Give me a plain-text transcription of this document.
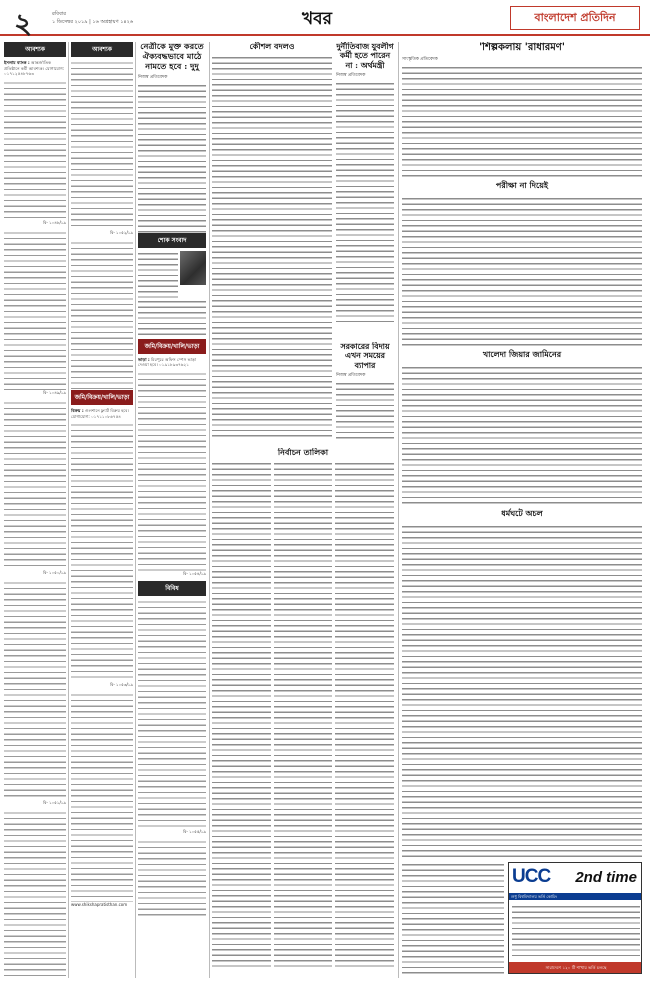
২	রবিবার
১ ডিসেম্বর ২০১৯ | ১৬ অগ্রহায়ণ ১৪২৬	খবর	বাংলাদেশ প্রতিদিন
আবশ্যক
ইসলাম ব্যাংক : আন্তর্জাতিক প্রতিষ্ঠানে কর্মী আবশ্যক। যোগাযোগ: ০১৭১২৫৪৮৭৬৩
বি- ১০৪৮/১৯
বি- ১০৪৯/১৯
বি- ১০৫০/১৯
বি- ১০৫১/১৯
আবশ্যক
বি- ১০৫২/১৯
জমি/বিক্রয়/খালি/ভাড়া
বিক্রয় : গুলশানে ফ্ল্যাট বিক্রয় হবে। যোগাযোগ: ০১৭১১০৮৬৭৫৪
বি- ১০৫৩/১৯
www.shikshapratisthan.com
নেত্রীকে মুক্ত করতে ঐক্যবদ্ধভাবে মাঠে নামতে হবে : দুদু
নিজস্ব প্রতিবেদক
শোক সংবাদ
জমি/বিক্রয়/খালি/ভাড়া
ভাড়া : মিরপুরে অফিস স্পেস ভাড়া দেওয়া হবে। ০১৯১৮৯৩৭৬২১
বি- ১০৫৪/১৯
বিবিধ
বি- ১০৫৫/১৯
কৌশল বদলও	দুর্নীতিবাজ যুবলীগ কর্মী হতে পারেন না : অর্থমন্ত্রী
নিজস্ব প্রতিবেদক
সরকারের বিদায় এখন সময়ের ব্যাপার
নিজস্ব প্রতিবেদক
নির্বাচন তালিকা
'শিল্পকলায় 'রাধারমণ'
সাংস্কৃতিক প্রতিবেদক
পরীক্ষা না দিয়েই
খালেদা জিয়ার জামিনের
ধর্মঘটে অচল
UCC 2nd time
শুধু বিশ্ববিদ্যালয় ভর্তি কোচিং
সারাদেশে ১২০ টি শাখায় ভর্তি চলছে
